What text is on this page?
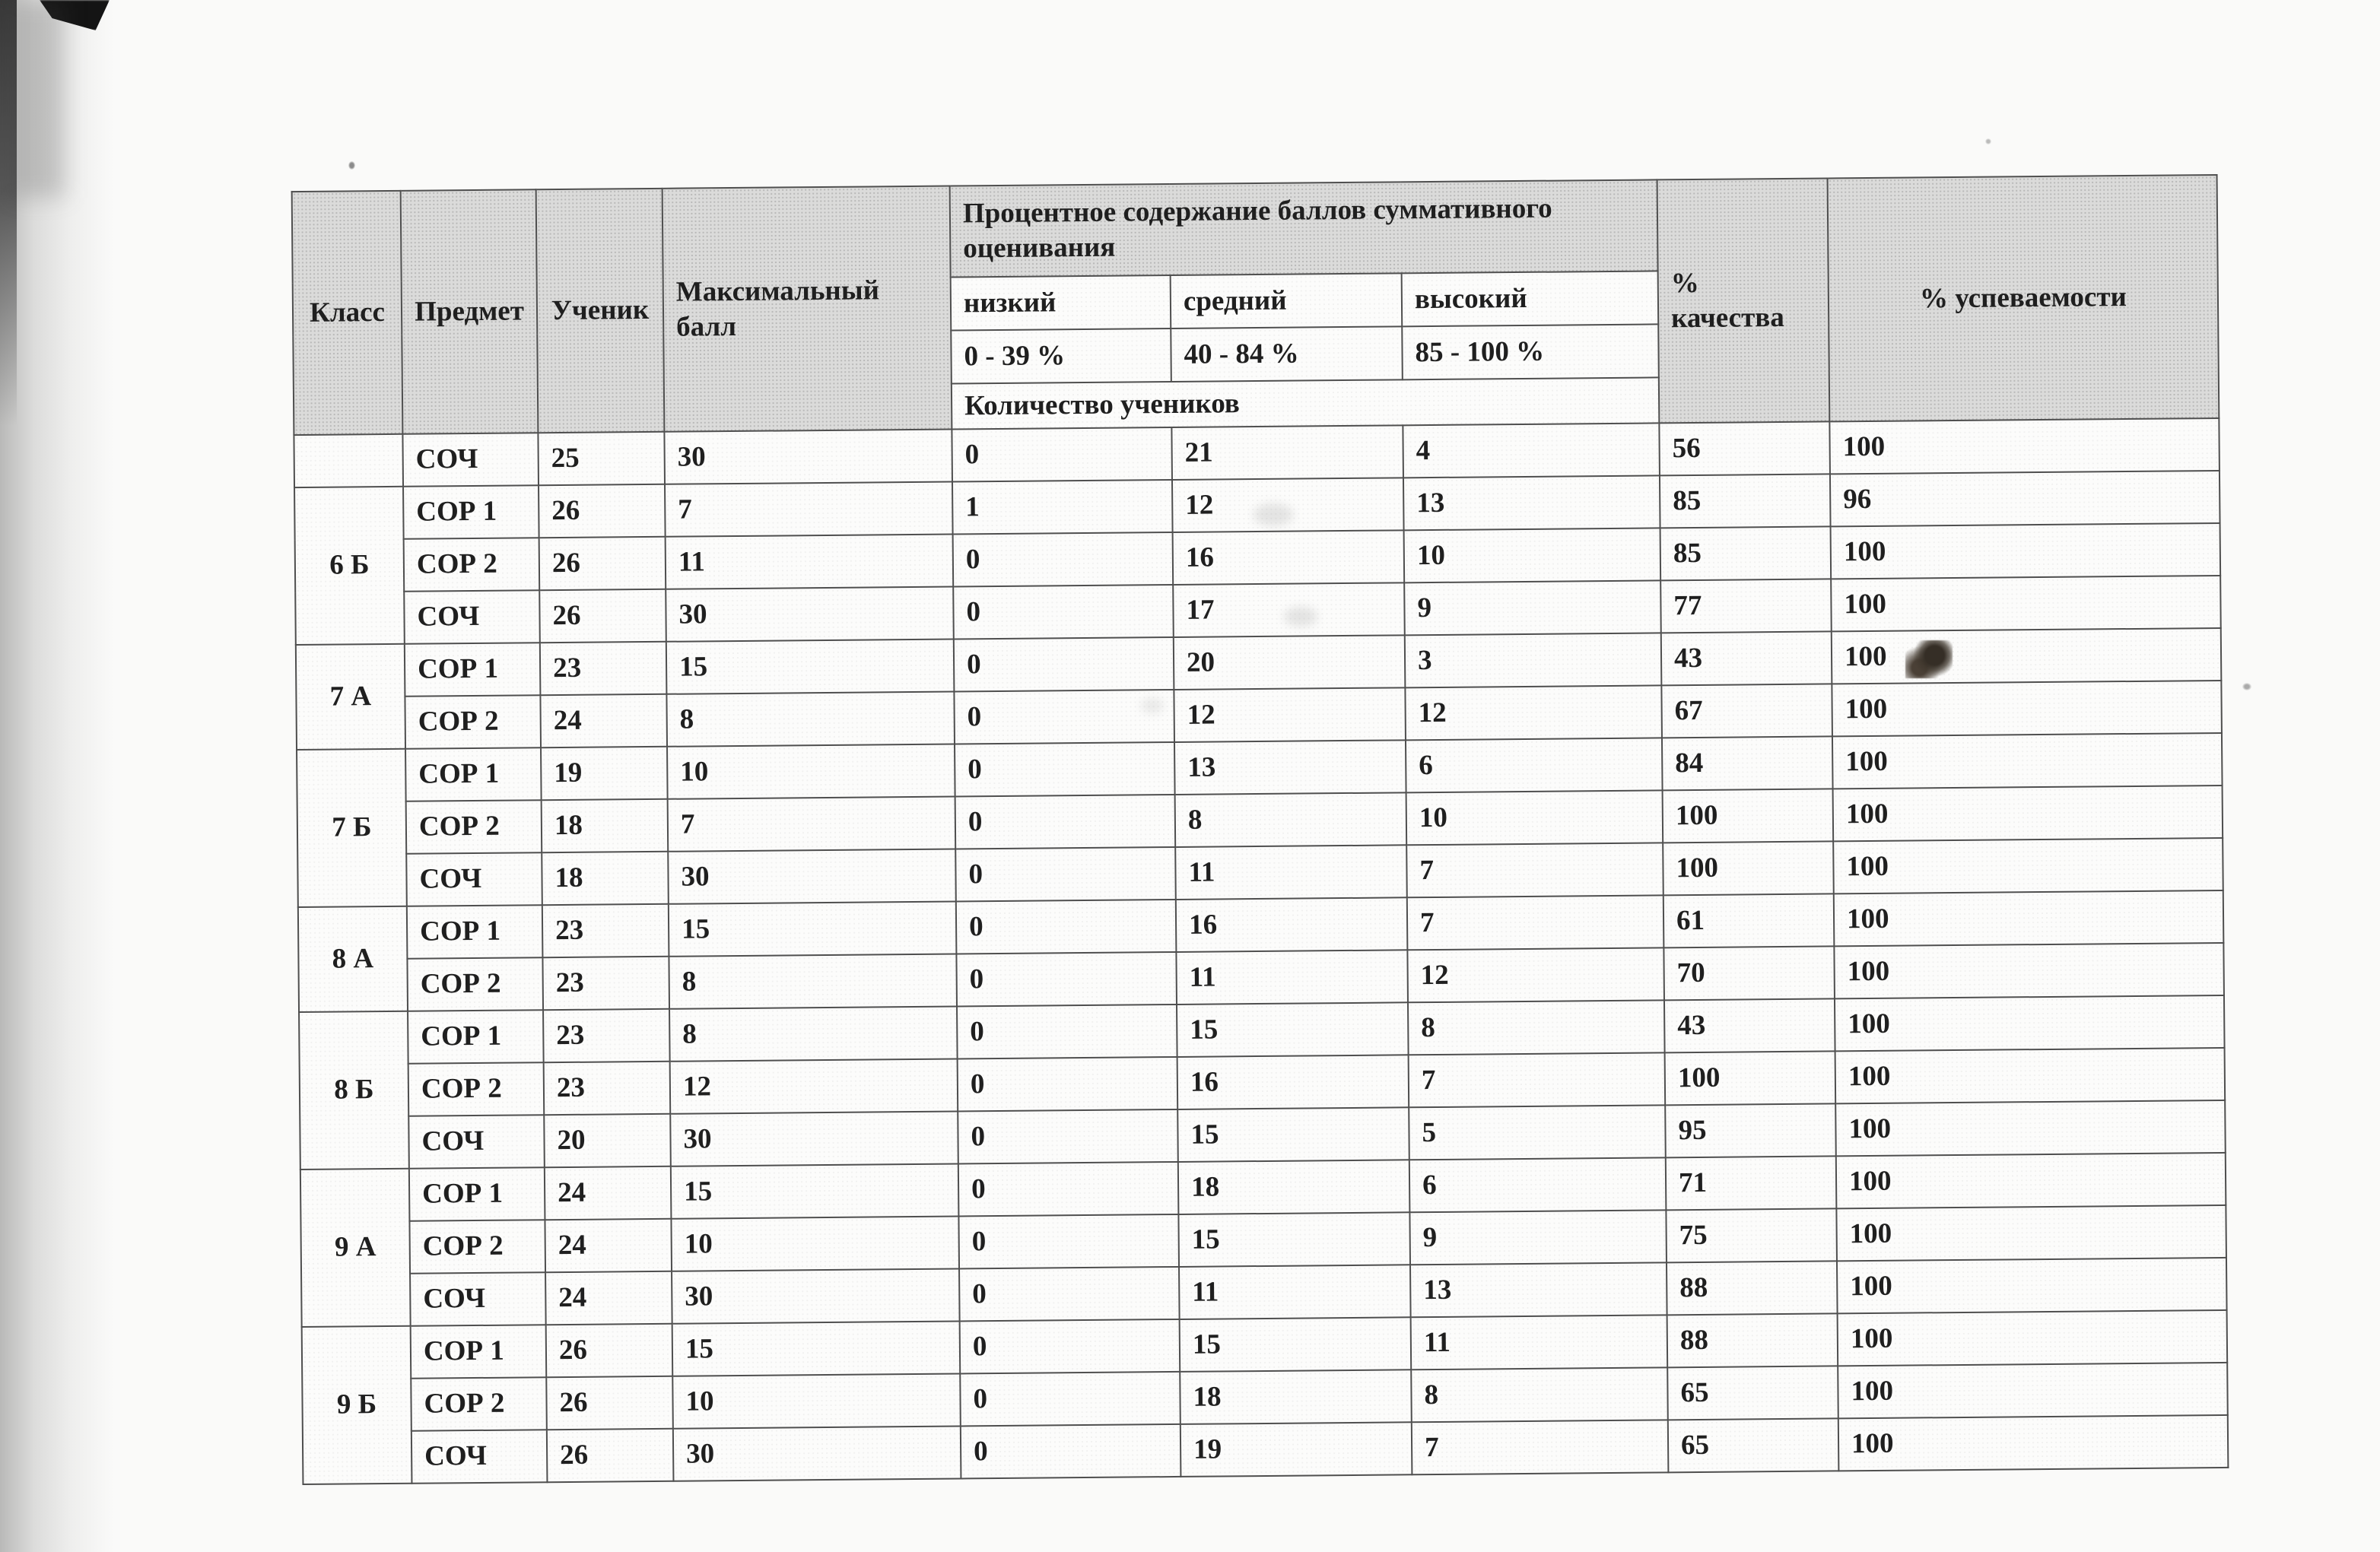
Класс	Предмет	Ученик	Максимальный балл	Процентное содержание баллов суммативного оценивания			% качества	% успеваемости
				низкий	средний	высокий		
				0 - 39 %	40 - 84 %	85 - 100 %		
				Количество учеников				
	СОЧ	25	30	0	21	4	56	100
6 Б	СОР 1	26	7	1	12	13	85	96
	СОР 2	26	11	0	16	10	85	100
	СОЧ	26	30	0	17	9	77	100
7 А	СОР 1	23	15	0	20	3	43	100
	СОР 2	24	8	0	12	12	67	100
7 Б	СОР 1	19	10	0	13	6	84	100
	СОР 2	18	7	0	8	10	100	100
	СОЧ	18	30	0	11	7	100	100
8 А	СОР 1	23	15	0	16	7	61	100
	СОР 2	23	8	0	11	12	70	100
8 Б	СОР 1	23	8	0	15	8	43	100
	СОР 2	23	12	0	16	7	100	100
	СОЧ	20	30	0	15	5	95	100
9 А	СОР 1	24	15	0	18	6	71	100
	СОР 2	24	10	0	15	9	75	100
	СОЧ	24	30	0	11	13	88	100
9 Б	СОР 1	26	15	0	15	11	88	100
	СОР 2	26	10	0	18	8	65	100
	СОЧ	26	30	0	19	7	65	100
